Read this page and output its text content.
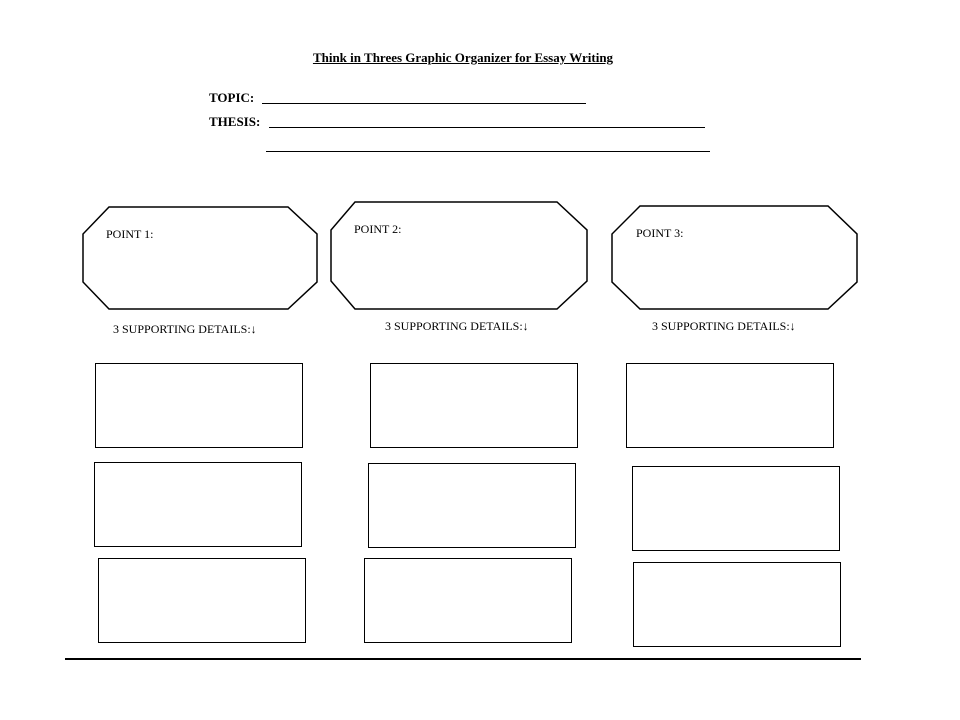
Think in Threes Graphic Organizer for Essay Writing
TOPIC:
THESIS:
POINT 1:	POINT 2:	POINT 3:
3 SUPPORTING DETAILS:↓	3 SUPPORTING DETAILS:↓	3 SUPPORTING DETAILS:↓
